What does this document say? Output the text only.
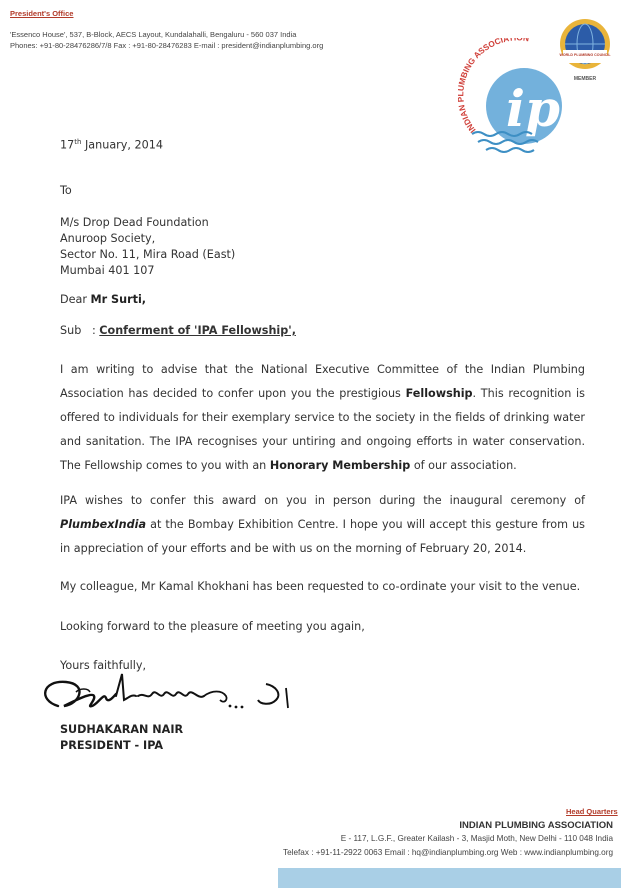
President's Office
'Essenco House', 537, B-Block, AECS Layout, Kundalahalli, Bengaluru - 560 037 India
Phones: +91-80-28476286/7/8 Fax : +91-80-28476283 E-mail : president@indianplumbing.org
INDIA BING ASSOCIA
ip
WORLD PLUMBING COUNCIL
MEMBER
17th January, 2014
To
M/s Drop Dead Foundation
Anuroop Society,
Sector No. 11, Mira Road (East)
Mumbai 401 107
Dear Mr Surti,
Sub   : Conferment of 'IPA Fellowship',
I am writing to advise that the National Executive Committee of the Indian Plumbing Association has decided to confer upon you the prestigious Fellowship. This recognition is offered to individuals for their exemplary service to the society in the fields of drinking water and sanitation. The IPA recognises your untiring and ongoing efforts in water conservation. The Fellowship comes to you with an Honorary Membership of our association.
IPA wishes to confer this award on you in person during the inaugural ceremony of PlumbexIndia at the Bombay Exhibition Centre. I hope you will accept this gesture from us in appreciation of your efforts and be with us on the morning of February 20, 2014.
My colleague, Mr Kamal Khokhani has been requested to co-ordinate your visit to the venue.
Looking forward to the pleasure of meeting you again,
Yours faithfully,
SUDHAKARAN NAIR
PRESIDENT - IPA
Head Quarters
INDIAN PLUMBING ASSOCIATION
E - 117, L.G.F., Greater Kailash - 3, Masjid Moth, New Delhi - 110 048 India
Telefax : +91-11-2922 0063 Email : hq@indianplumbing.org Web : www.indianplumbing.org
